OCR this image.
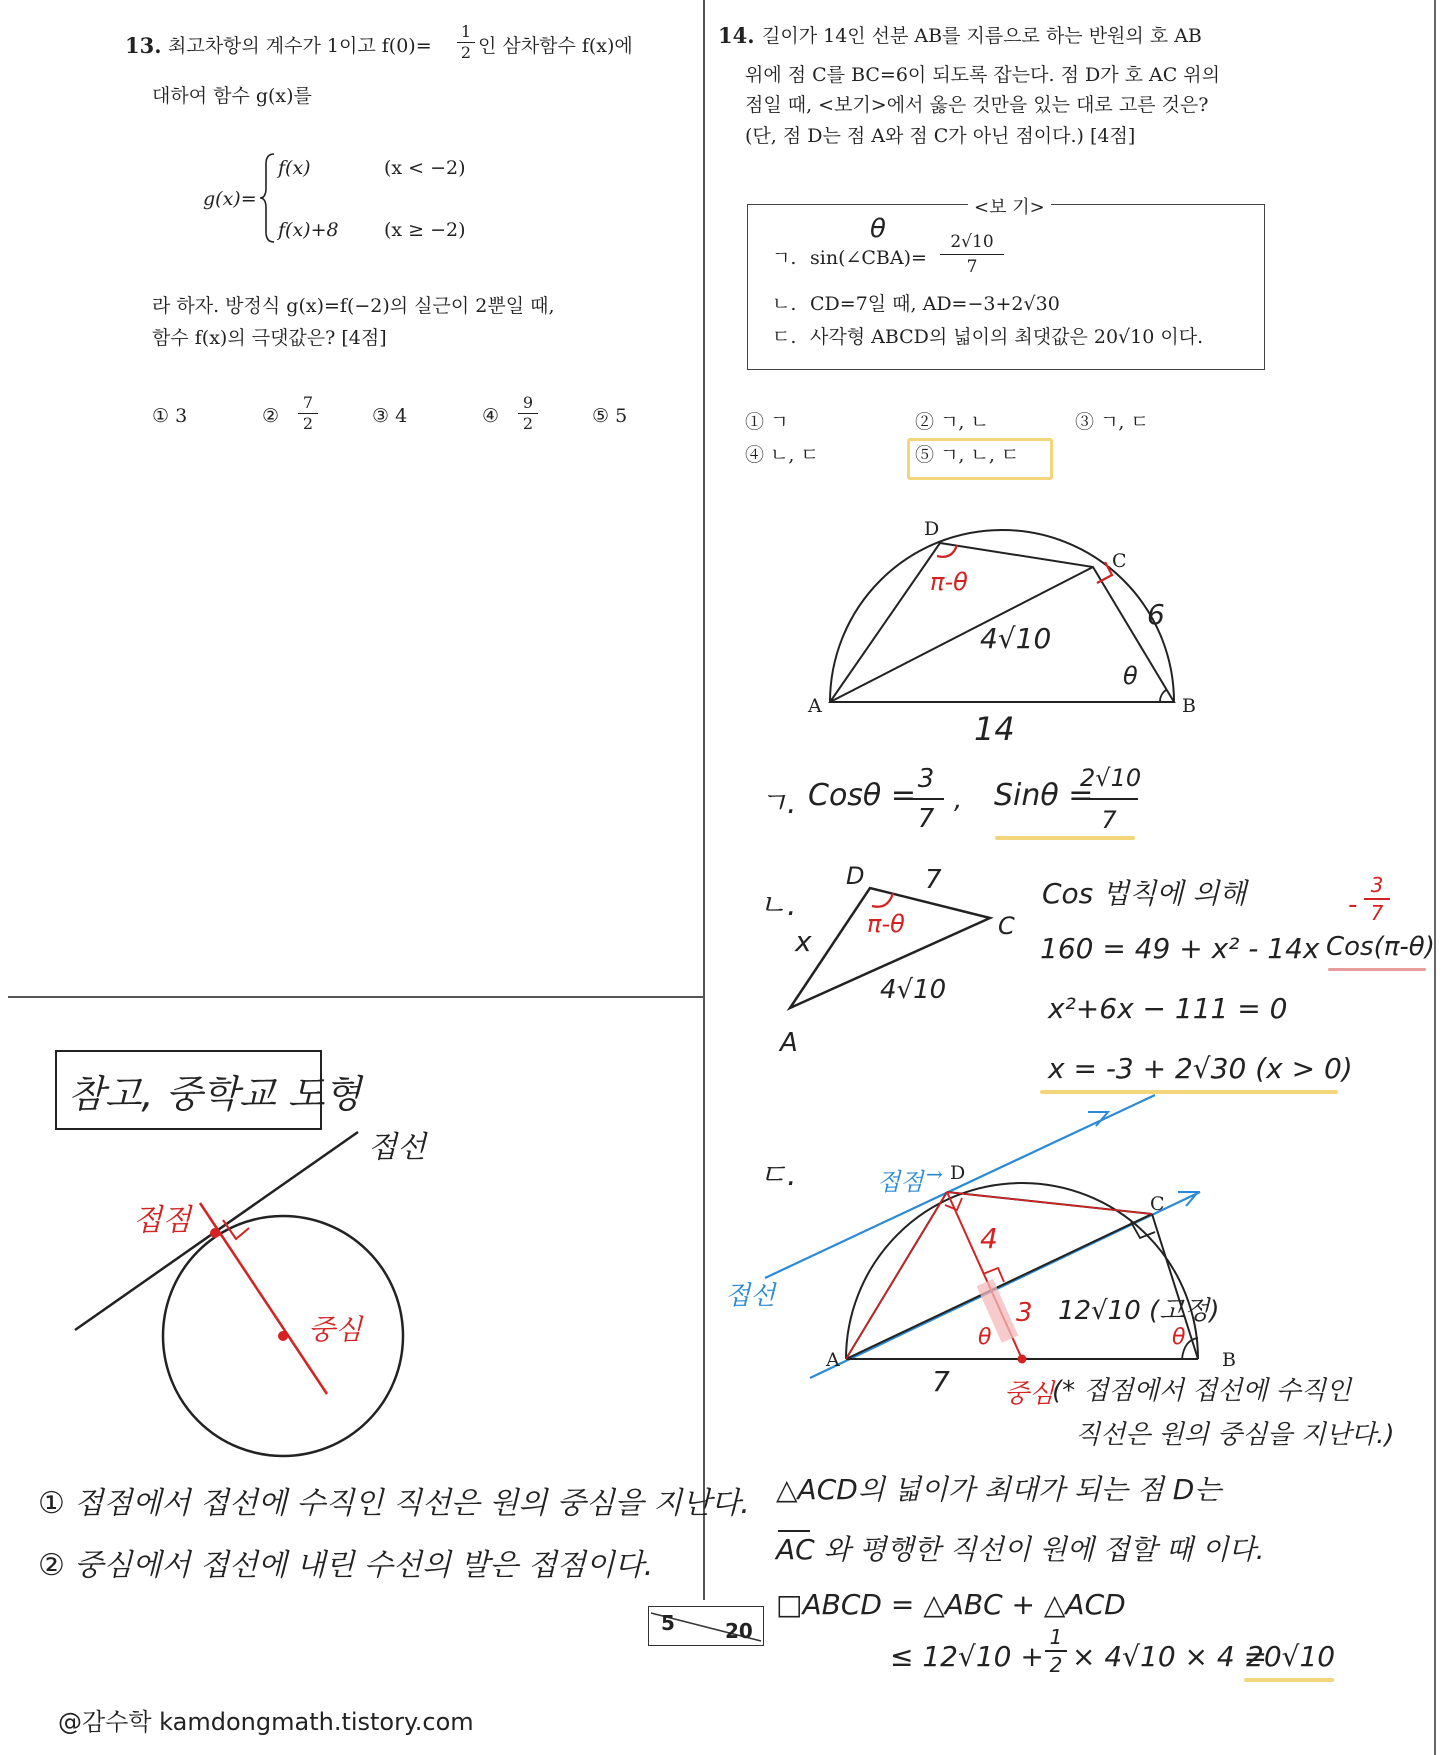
13. 최고차항의 계수가 1이고 $f(0)= \frac{1}{2}$ 인 삼차함수 f(x)에
대하여 함수 g(x)를
g(x)=
f(x)	(x < −2)
f(x)+8 (x ≥ −2)
라 하자. 방정식 g(x)=f(−2)의 실근이 2뿐일 때,
함수 f(x)의 극댓값은? [4점]
① 3	②
7
2	③ 4	④
9
2	⑤ 5
14. 길이가 14인 선분 AB를 지름으로 하는 반원의 호 AB
위에 점 C를 BC=6이 되도록 잡는다. 점 D가 호 AC 위의
점일 때, <보기>에서 옳은 것만을 있는 대로 고른 것은?
(단, 점 D는 점 A와 점 C가 아닌 점이다.) [4점]
<보 기>
θ
ㄱ. sin(∠CBA)=
2√10
7
ㄴ. CD=7일 때, AD=−3+2√30
ㄷ. 사각형 ABCD의 넓이의 최댓값은 20√10 이다.
① ㄱ	② ㄱ, ㄴ	③ ㄱ, ㄷ
④ ㄴ, ㄷ	⑤ ㄱ, ㄴ, ㄷ
D
C
A	B
π-θ
4√10
6
θ
14
ㄱ. Cosθ = 3
7
, Sinθ =
2√10
7
ㄴ.
D 7
π-θ	C
x
4√10
A
Cos 법칙에 의해	-
3
7
160 = 49 + x² - 14x Cos(π-θ)
x²+6x − 111 = 0
x = -3 + 2√30 (x > 0)
ㄷ.	접점 →
접선
D
C
A	B
4
3
θ	θ
12√10 (고정)
7 중심
(* 접점에서 접선에 수직인
직선은 원의 중심을 지난다.)
△ACD의 넓이가 최대가 되는 점 D는
AC 와 평행한 직선이 원에 접할 때 이다.
□ABCD = △ABC + △ACD
≤ 12√10 +
1
2 × 4√10 × 4 =
20√10
참고, 중학교 도형
접선
접점
중심
① 접점에서 접선에 수직인 직선은 원의 중심을 지난다.
② 중심에서 접선에 내린 수선의 발은 접점이다.
5	20
@감수학 kamdongmath.tistory.com
